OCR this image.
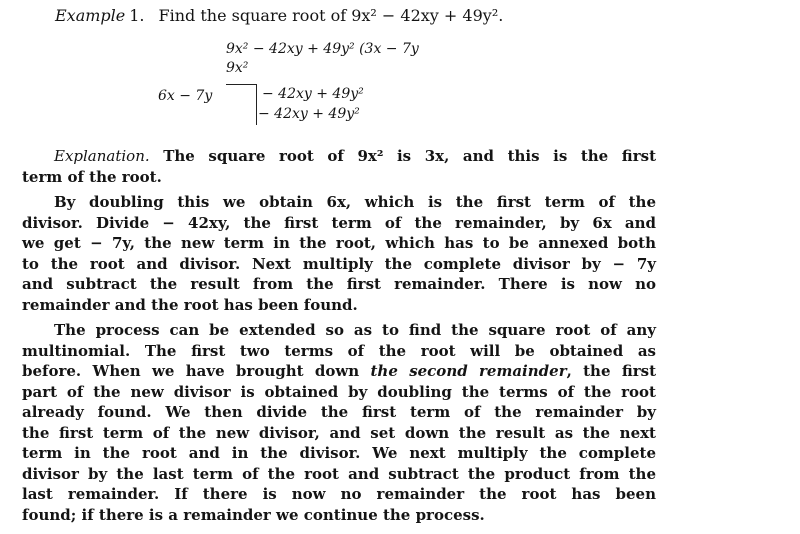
Example 1. Find the square root of 9x² − 42xy + 49y².
9x² − 42xy + 49y² (3x − 7y
9x²
6x − 7y	− 42xy + 49y²
− 42xy + 49y²
Explanation. The square root of 9x² is 3x, and this is the first
term of the root.
By doubling this we obtain 6x, which is the first term of the
divisor. Divide − 42xy, the first term of the remainder, by 6x and
we get − 7y, the new term in the root, which has to be annexed both
to the root and divisor. Next multiply the complete divisor by − 7y
and subtract the result from the first remainder. There is now no
remainder and the root has been found.
The process can be extended so as to find the square root of any
multinomial. The first two terms of the root will be obtained as
before. When we have brought down the second remainder, the first
part of the new divisor is obtained by doubling the terms of the root
already found. We then divide the first term of the remainder by
the first term of the new divisor, and set down the result as the next
term in the root and in the divisor. We next multiply the complete
divisor by the last term of the root and subtract the product from the
last remainder. If there is now no remainder the root has been
found; if there is a remainder we continue the process.
